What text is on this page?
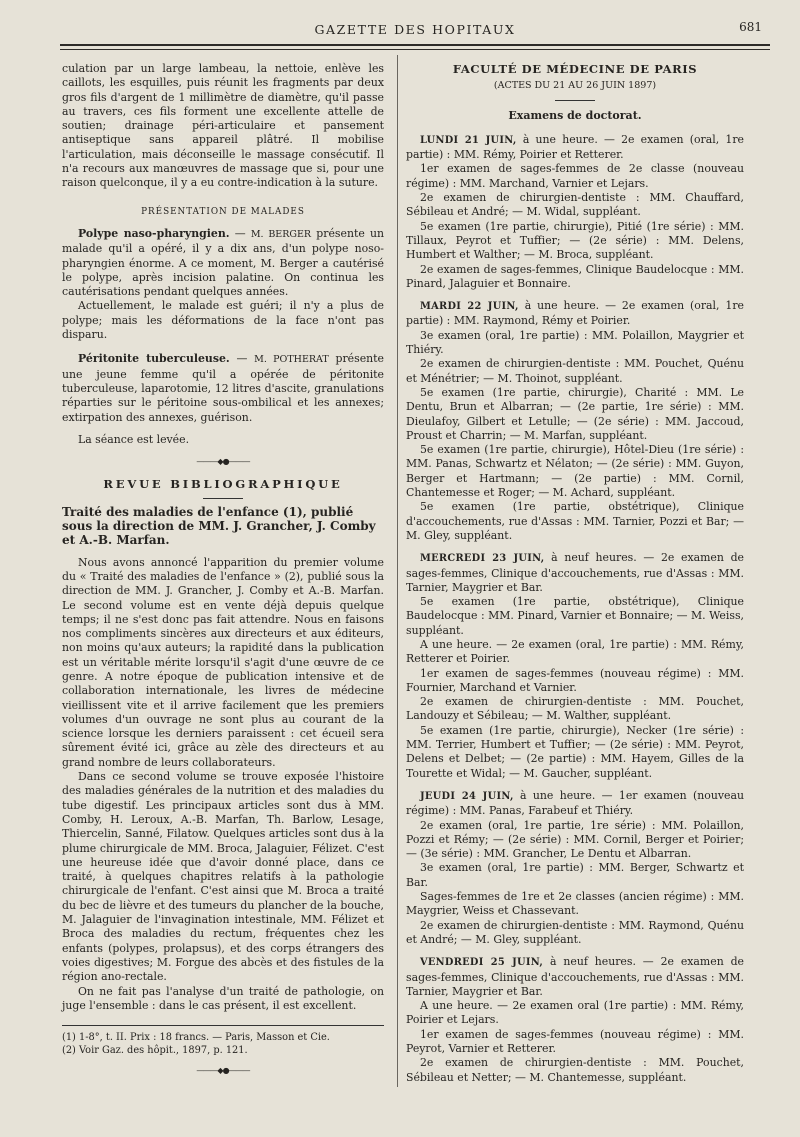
GAZETTE DES HOPITAUX	681

culation par un large lambeau, la nettoie, enlève les caillots, les esquilles, puis réunit les fragments par deux gros fils d'argent de 1 millimètre de diamètre, qu'il passe au travers, ces fils forment une excellente attelle de soutien; drainage péri-articulaire et pansement antiseptique sans appareil plâtré. Il mobilise l'articulation, mais déconseille le massage consécutif. Il n'a recours aux manœuvres de massage que si, pour une raison quelconque, il y a eu contre-indication à la suture.

PRÉSENTATION DE MALADES

Polype naso-pharyngien. — M. BERGER présente un malade qu'il a opéré, il y a dix ans, d'un polype noso-pharyngien énorme. A ce moment, M. Berger a cautérisé le polype, après incision palatine. On continua les cautérisations pendant quelques années.

Actuellement, le malade est guéri; il n'y a plus de polype; mais les déformations de la face n'ont pas disparu.

Péritonite tuberculeuse. — M. POTHERAT présente une jeune femme qu'il a opérée de péritonite tuberculeuse, laparotomie, 12 litres d'ascite, granulations réparties sur le péritoine sous-ombilical et les annexes; extirpation des annexes, guérison.

La séance est levée.

———◆●———
REVUE BIBLIOGRAPHIQUE

Traité des maladies de l'enfance (1), publié sous la direction de MM. J. Grancher, J. Comby et A.-B. Marfan.

Nous avons annoncé l'apparition du premier volume du « Traité des maladies de l'enfance » (2), publié sous la direction de MM. J. Grancher, J. Comby et A.-B. Marfan. Le second volume est en vente déjà depuis quelque temps; il ne s'est donc pas fait attendre. Nous en faisons nos compliments sincères aux directeurs et aux éditeurs, non moins qu'aux auteurs; la rapidité dans la publication est un véritable mérite lorsqu'il s'agit d'une œuvre de ce genre. A notre époque de publication intensive et de collaboration internationale, les livres de médecine vieillissent vite et il arrive facilement que les premiers volumes d'un ouvrage ne sont plus au courant de la science lorsque les derniers paraissent : cet écueil sera sûrement évité ici, grâce au zèle des directeurs et au grand nombre de leurs collaborateurs.

Dans ce second volume se trouve exposée l'histoire des maladies générales de la nutrition et des maladies du tube digestif. Les principaux articles sont dus à MM. Comby, H. Leroux, A.-B. Marfan, Th. Barlow, Lesage, Thiercelin, Sanné, Filatow. Quelques articles sont dus à la plume chirurgicale de MM. Broca, Jalaguier, Félizet. C'est une heureuse idée que d'avoir donné place, dans ce traité, à quelques chapitres relatifs à la pathologie chirurgicale de l'enfant. C'est ainsi que M. Broca a traité du bec de lièvre et des tumeurs du plancher de la bouche, M. Jalaguier de l'invagination intestinale, MM. Félizet et Broca des maladies du rectum, fréquentes chez les enfants (polypes, prolapsus), et des corps étrangers des voies digestives; M. Forgue des abcès et des fistules de la région ano-rectale.

On ne fait pas l'analyse d'un traité de pathologie, on juge l'ensemble : dans le cas présent, il est excellent.

(1) 1-8°, t. II. Prix : 18 francs. — Paris, Masson et Cie.

(2) Voir Gaz. des hôpit., 1897, p. 121.

———◆●———
FACULTÉ DE MÉDECINE DE PARIS
(ACTES DU 21 AU 26 JUIN 1897)
Examens de doctorat.

LUNDI 21 JUIN, à une heure. — 2e examen (oral, 1re partie) : MM. Rémy, Poirier et Retterer.

1er examen de sages-femmes de 2e classe (nouveau régime) : MM. Marchand, Varnier et Lejars.

2e examen de chirurgien-dentiste : MM. Chauffard, Sébileau et André; — M. Widal, suppléant.

5e examen (1re partie, chirurgie), Pitié (1re série) : MM. Tillaux, Peyrot et Tuffier; — (2e série) : MM. Delens, Humbert et Walther; — M. Broca, suppléant.

2e examen de sages-femmes, Clinique Baudelocque : MM. Pinard, Jalaguier et Bonnaire.

MARDI 22 JUIN, à une heure. — 2e examen (oral, 1re partie) : MM. Raymond, Rémy et Poirier.

3e examen (oral, 1re partie) : MM. Polaillon, Maygrier et Thiéry.

2e examen de chirurgien-dentiste : MM. Pouchet, Quénu et Ménétrier; — M. Thoinot, suppléant.

5e examen (1re partie, chirurgie), Charité : MM. Le Dentu, Brun et Albarran; — (2e partie, 1re série) : MM. Dieulafoy, Gilbert et Letulle; — (2e série) : MM. Jaccoud, Proust et Charrin; — M. Marfan, suppléant.

5e examen (1re partie, chirurgie), Hôtel-Dieu (1re série) : MM. Panas, Schwartz et Nélaton; — (2e série) : MM. Guyon, Berger et Hartmann; — (2e partie) : MM. Cornil, Chantemesse et Roger; — M. Achard, suppléant.

5e examen (1re partie, obstétrique), Clinique d'accouchements, rue d'Assas : MM. Tarnier, Pozzi et Bar; — M. Gley, suppléant.

MERCREDI 23 JUIN, à neuf heures. — 2e examen de sages-femmes, Clinique d'accouchements, rue d'Assas : MM. Tarnier, Maygrier et Bar.

5e examen (1re partie, obstétrique), Clinique Baudelocque : MM. Pinard, Varnier et Bonnaire; — M. Weiss, suppléant.

A une heure. — 2e examen (oral, 1re partie) : MM. Rémy, Retterer et Poirier.

1er examen de sages-femmes (nouveau régime) : MM. Fournier, Marchand et Varnier.

2e examen de chirurgien-dentiste : MM. Pouchet, Landouzy et Sébileau; — M. Walther, suppléant.

5e examen (1re partie, chirurgie), Necker (1re série) : MM. Terrier, Humbert et Tuffier; — (2e série) : MM. Peyrot, Delens et Delbet; — (2e partie) : MM. Hayem, Gilles de la Tourette et Widal; — M. Gaucher, suppléant.

JEUDI 24 JUIN, à une heure. — 1er examen (nouveau régime) : MM. Panas, Farabeuf et Thiéry.

2e examen (oral, 1re partie, 1re série) : MM. Polaillon, Pozzi et Rémy; — (2e série) : MM. Cornil, Berger et Poirier; — (3e série) : MM. Grancher, Le Dentu et Albarran.

3e examen (oral, 1re partie) : MM. Berger, Schwartz et Bar.

Sages-femmes de 1re et 2e classes (ancien régime) : MM. Maygrier, Weiss et Chassevant.

2e examen de chirurgien-dentiste : MM. Raymond, Quénu et André; — M. Gley, suppléant.

VENDREDI 25 JUIN, à neuf heures. — 2e examen de sages-femmes, Clinique d'accouchements, rue d'Assas : MM. Tarnier, Maygrier et Bar.

A une heure. — 2e examen oral (1re partie) : MM. Rémy, Poirier et Lejars.

1er examen de sages-femmes (nouveau régime) : MM. Peyrot, Varnier et Retterer.

2e examen de chirurgien-dentiste : MM. Pouchet, Sébileau et Netter; — M. Chantemesse, suppléant.
